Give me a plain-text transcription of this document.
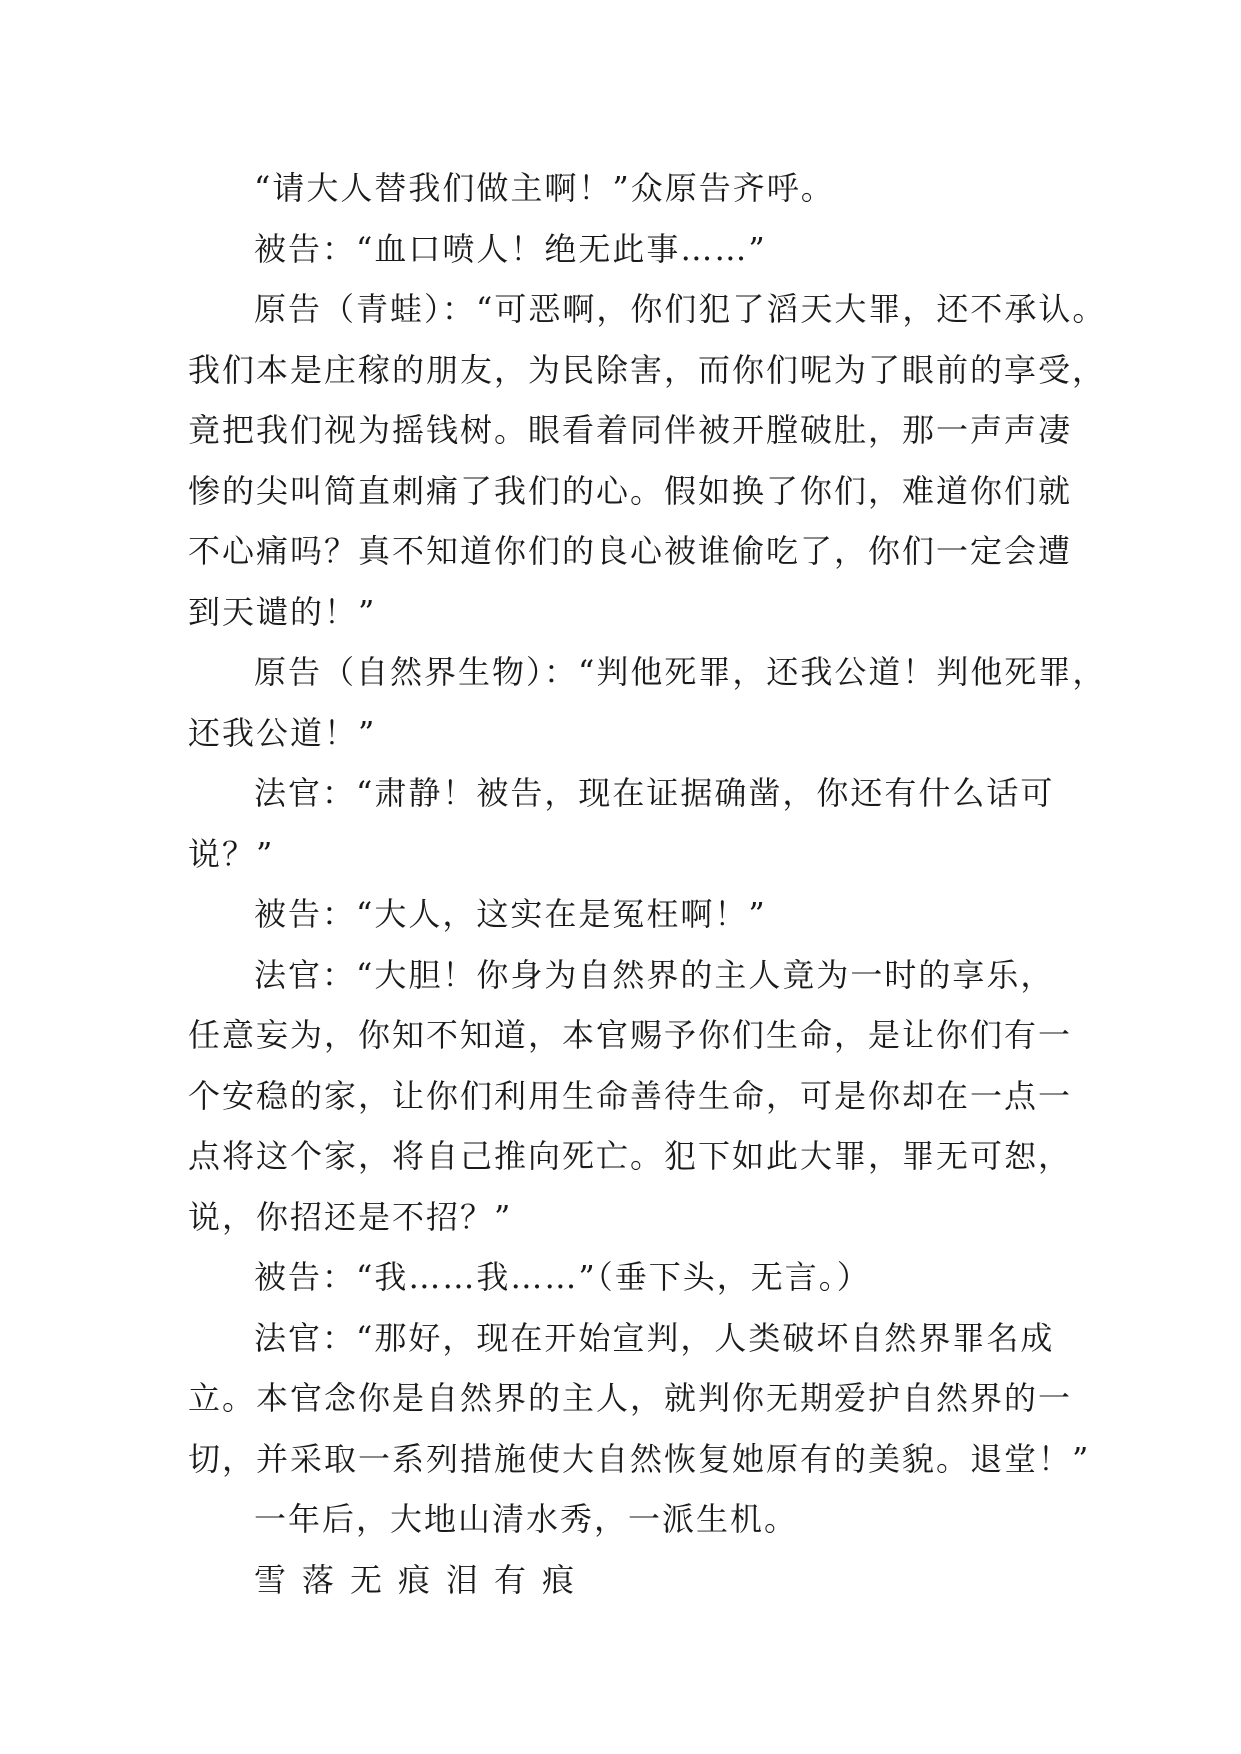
“请大人替我们做主啊！”众原告齐呼。
被告：“血口喷人！绝无此事……”
原告（青蛙）：“可恶啊，你们犯了滔天大罪，还不承认。
我们本是庄稼的朋友，为民除害，而你们呢为了眼前的享受，
竟把我们视为摇钱树。眼看着同伴被开膛破肚，那一声声凄
惨的尖叫简直刺痛了我们的心。假如换了你们，难道你们就
不心痛吗？真不知道你们的良心被谁偷吃了，你们一定会遭
到天谴的！”
原告（自然界生物）：“判他死罪，还我公道！判他死罪，
还我公道！”
法官：“肃静！被告，现在证据确凿，你还有什么话可
说？”
被告：“大人，这实在是冤枉啊！”
法官：“大胆！你身为自然界的主人竟为一时的享乐，
任意妄为，你知不知道，本官赐予你们生命，是让你们有一
个安稳的家，让你们利用生命善待生命，可是你却在一点一
点将这个家，将自己推向死亡。犯下如此大罪，罪无可恕，
说，你招还是不招？”
被告：“我……我……”（垂下头，无言。）
法官：“那好，现在开始宣判，人类破坏自然界罪名成
立。本官念你是自然界的主人，就判你无期爱护自然界的一
切，并采取一系列措施使大自然恢复她原有的美貌。退堂！”
一年后，大地山清水秀，一派生机。
雪落无痕泪有痕
